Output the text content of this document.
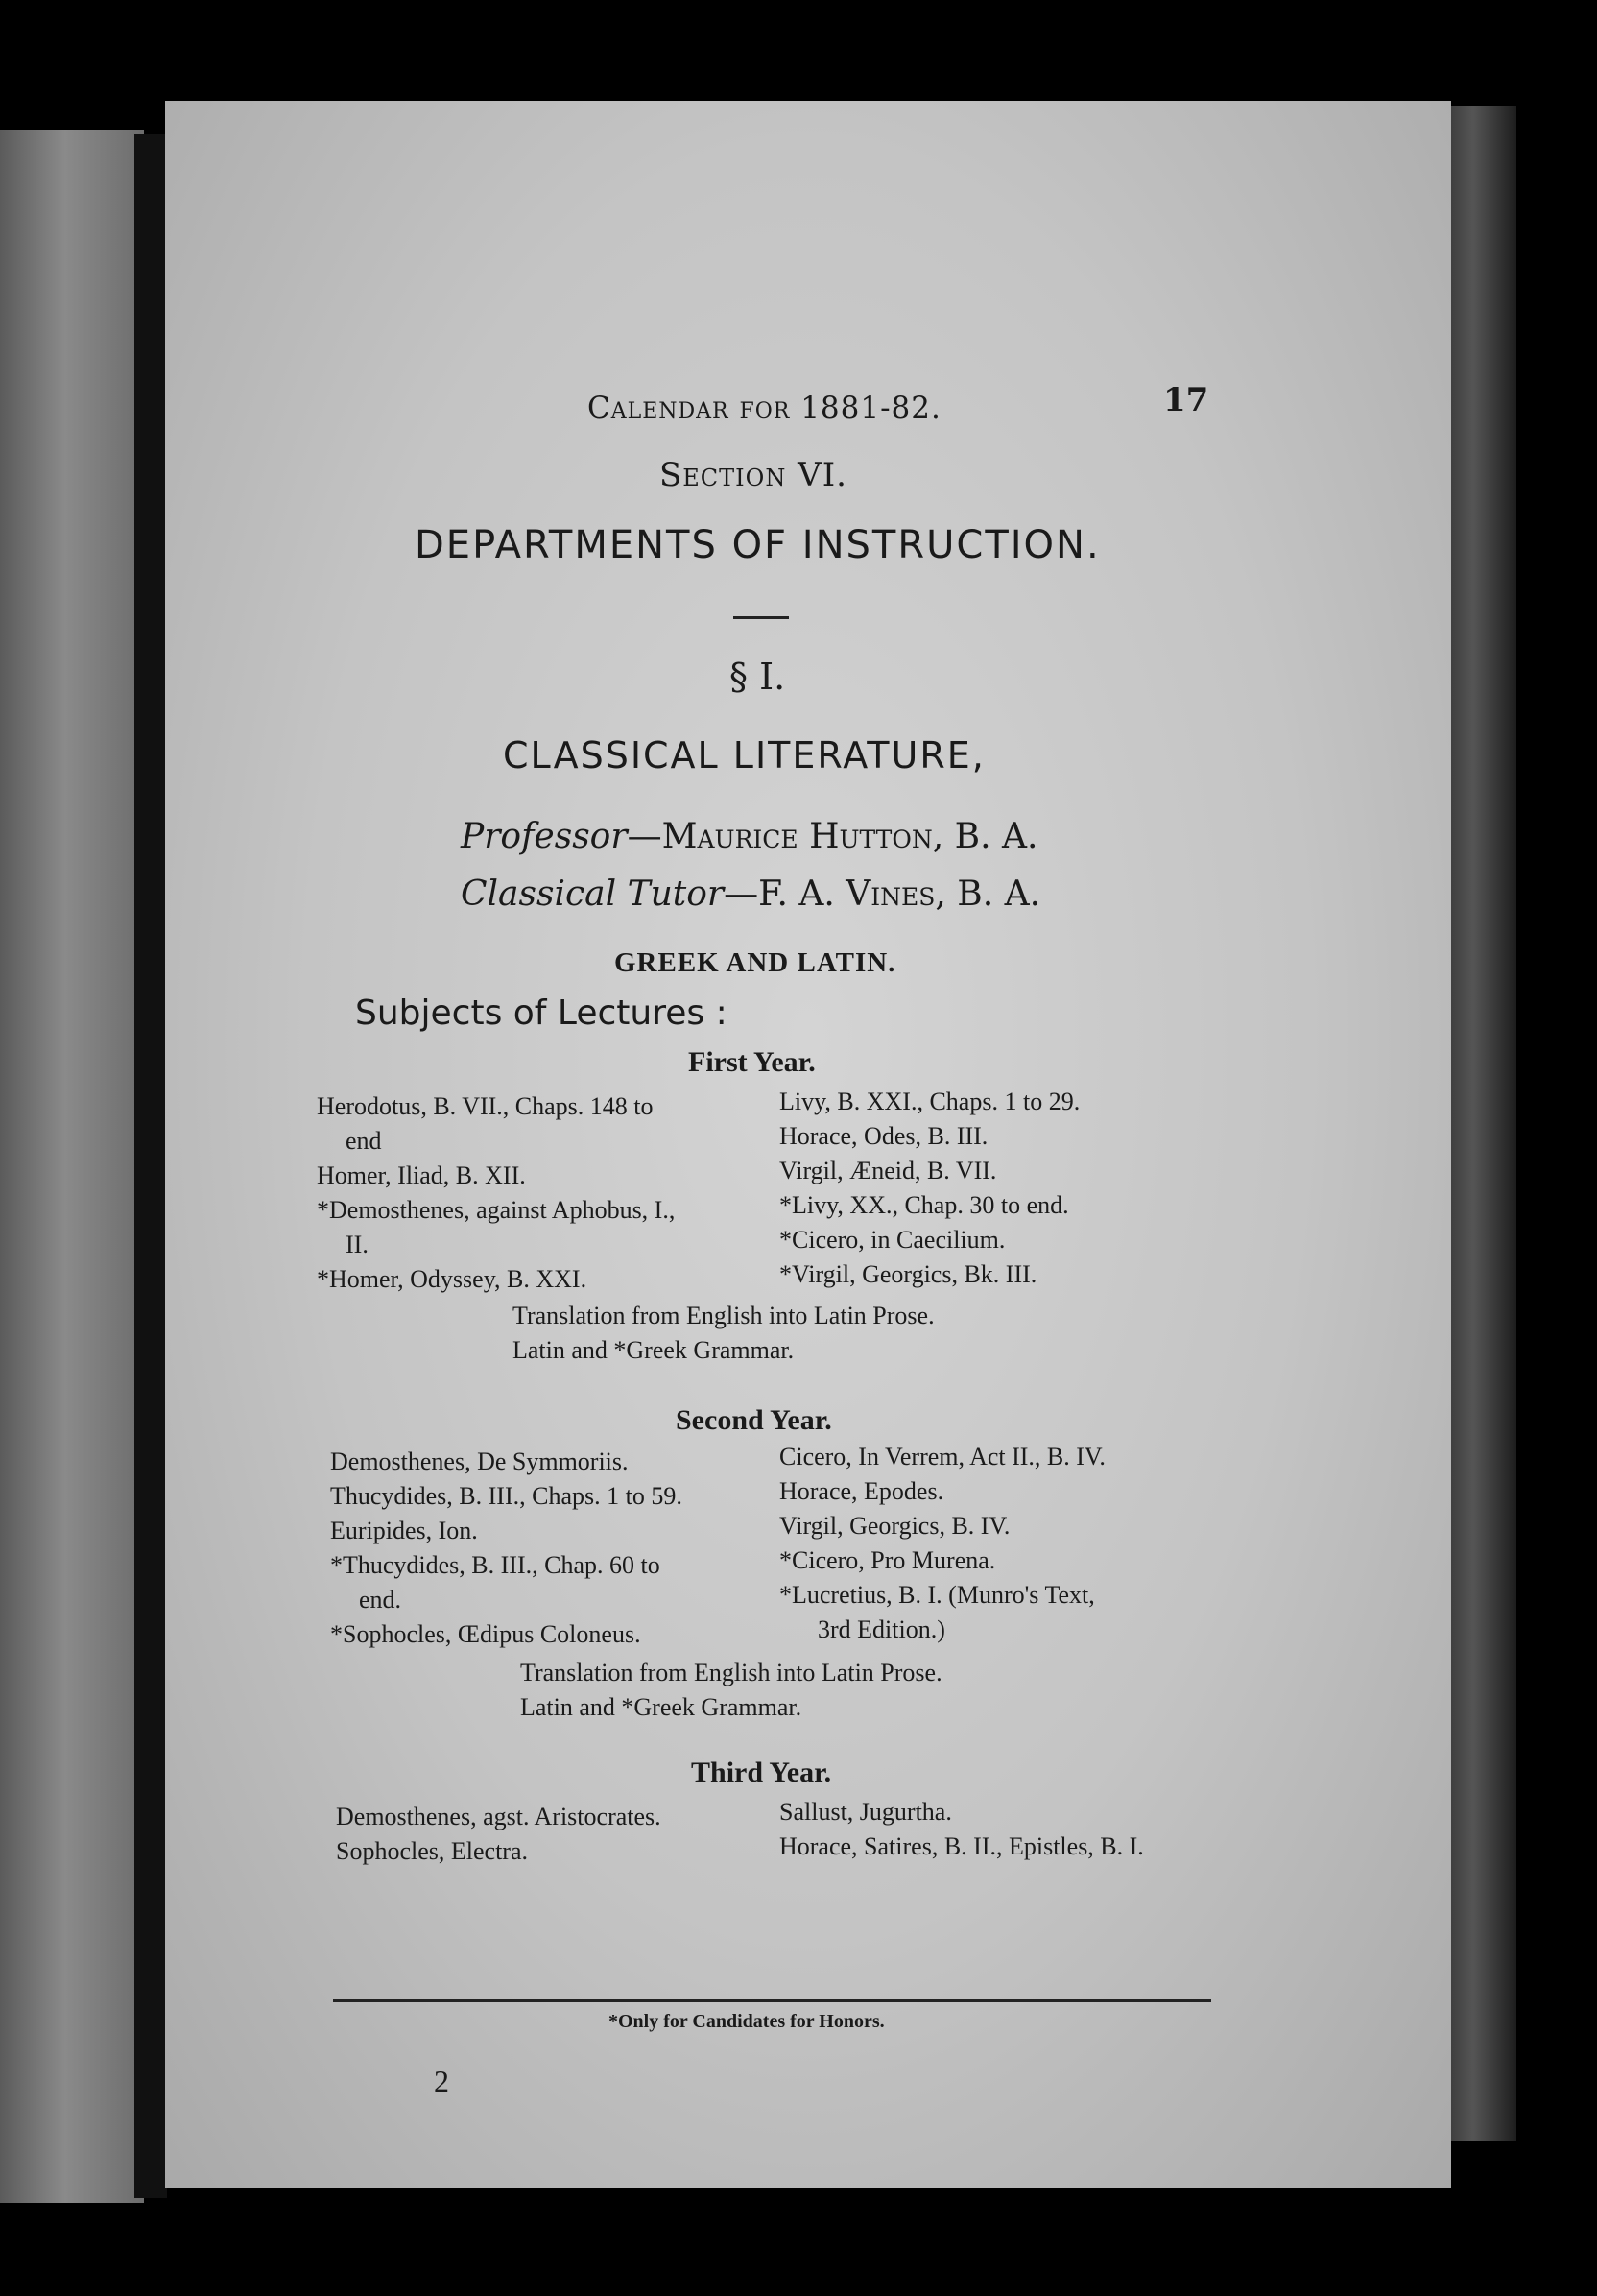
Calendar for 1881-82.	17
Section VI.
DEPARTMENTS OF INSTRUCTION.
§ I.
CLASSICAL LITERATURE,
Professor—Maurice Hutton, B. A.
Classical Tutor—F. A. Vines, B. A.
GREEK AND LATIN.
Subjects of Lectures :
First Year.
Herodotus, B. VII., Chaps. 148 to
end
Homer, Iliad, B. XII.
*Demosthenes, against Aphobus, I.,
II.
*Homer, Odyssey, B. XXI.
Livy, B. XXI., Chaps. 1 to 29.
Horace, Odes, B. III.
Virgil, Æneid, B. VII.
*Livy, XX., Chap. 30 to end.
*Cicero, in Caecilium.
*Virgil, Georgics, Bk. III.
Translation from English into Latin Prose.
Latin and *Greek Grammar.
Second Year.
Demosthenes, De Symmoriis.
Thucydides, B. III., Chaps. 1 to 59.
Euripides, Ion.
*Thucydides, B. III., Chap. 60 to
end.
*Sophocles, Œdipus Coloneus.
Cicero, In Verrem, Act II., B. IV.
Horace, Epodes.
Virgil, Georgics, B. IV.
*Cicero, Pro Murena.
*Lucretius, B. I. (Munro's Text,
3rd Edition.)
Translation from English into Latin Prose.
Latin and *Greek Grammar.
Third Year.
Demosthenes, agst. Aristocrates.
Sophocles, Electra.
Sallust, Jugurtha.
Horace, Satires, B. II., Epistles, B. I.
*Only for Candidates for Honors.
2
